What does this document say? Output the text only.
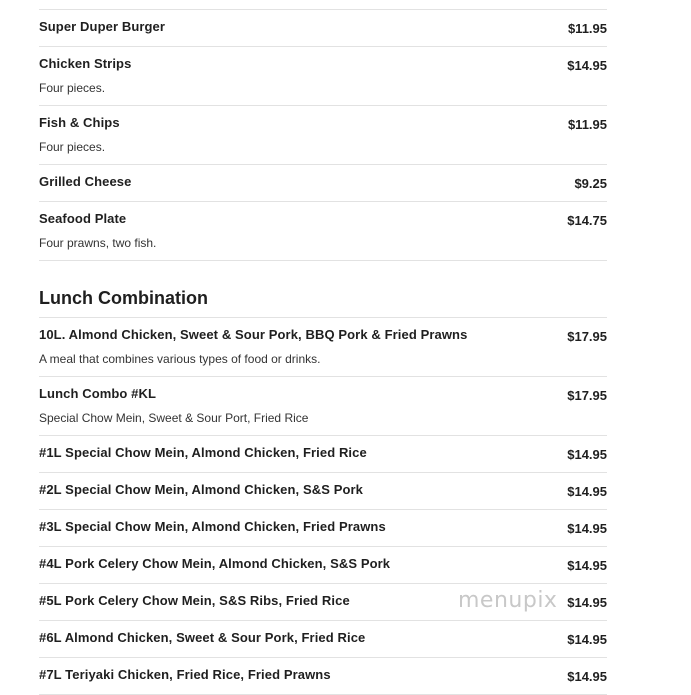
Super Duper Burger	$11.95
Chicken Strips	$14.95
Four pieces.
Fish & Chips	$11.95
Four pieces.
Grilled Cheese	$9.25
Seafood Plate	$14.75
Four prawns, two fish.
Lunch Combination
10L. Almond Chicken, Sweet & Sour Pork, BBQ Pork & Fried Prawns	$17.95
A meal that combines various types of food or drinks.
Lunch Combo #KL	$17.95
Special Chow Mein, Sweet & Sour Port, Fried Rice
#1L Special Chow Mein, Almond Chicken, Fried Rice	$14.95
#2L Special Chow Mein, Almond Chicken, S&S Pork	$14.95
#3L Special Chow Mein, Almond Chicken, Fried Prawns	$14.95
#4L Pork Celery Chow Mein, Almond Chicken, S&S Pork	$14.95
#5L Pork Celery Chow Mein, S&S Ribs, Fried Rice	$14.95
#6L Almond Chicken, Sweet & Sour Pork, Fried Rice	$14.95
#7L Teriyaki Chicken, Fried Rice, Fried Prawns	$14.95
menupix
